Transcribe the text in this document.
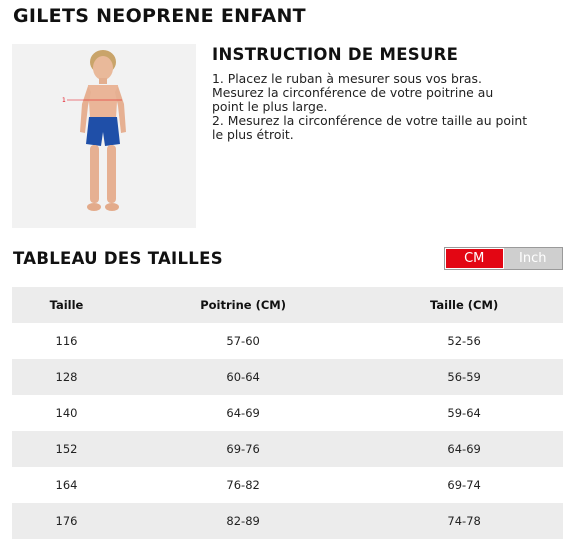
GILETS NEOPRENE ENFANT
1
INSTRUCTION DE MESURE
1. Placez le ruban à mesurer sous vos bras.
Mesurez la circonférence de votre poitrine au
point le plus large.
2. Mesurez la circonférence de votre taille au point
le plus étroit.
TABLEAU DES TAILLES	CM	Inch
Taille	Poitrine (CM)	Taille (CM)
116	57-60	52-56
128	60-64	56-59
140	64-69	59-64
152	69-76	64-69
164	76-82	69-74
176	82-89	74-78
